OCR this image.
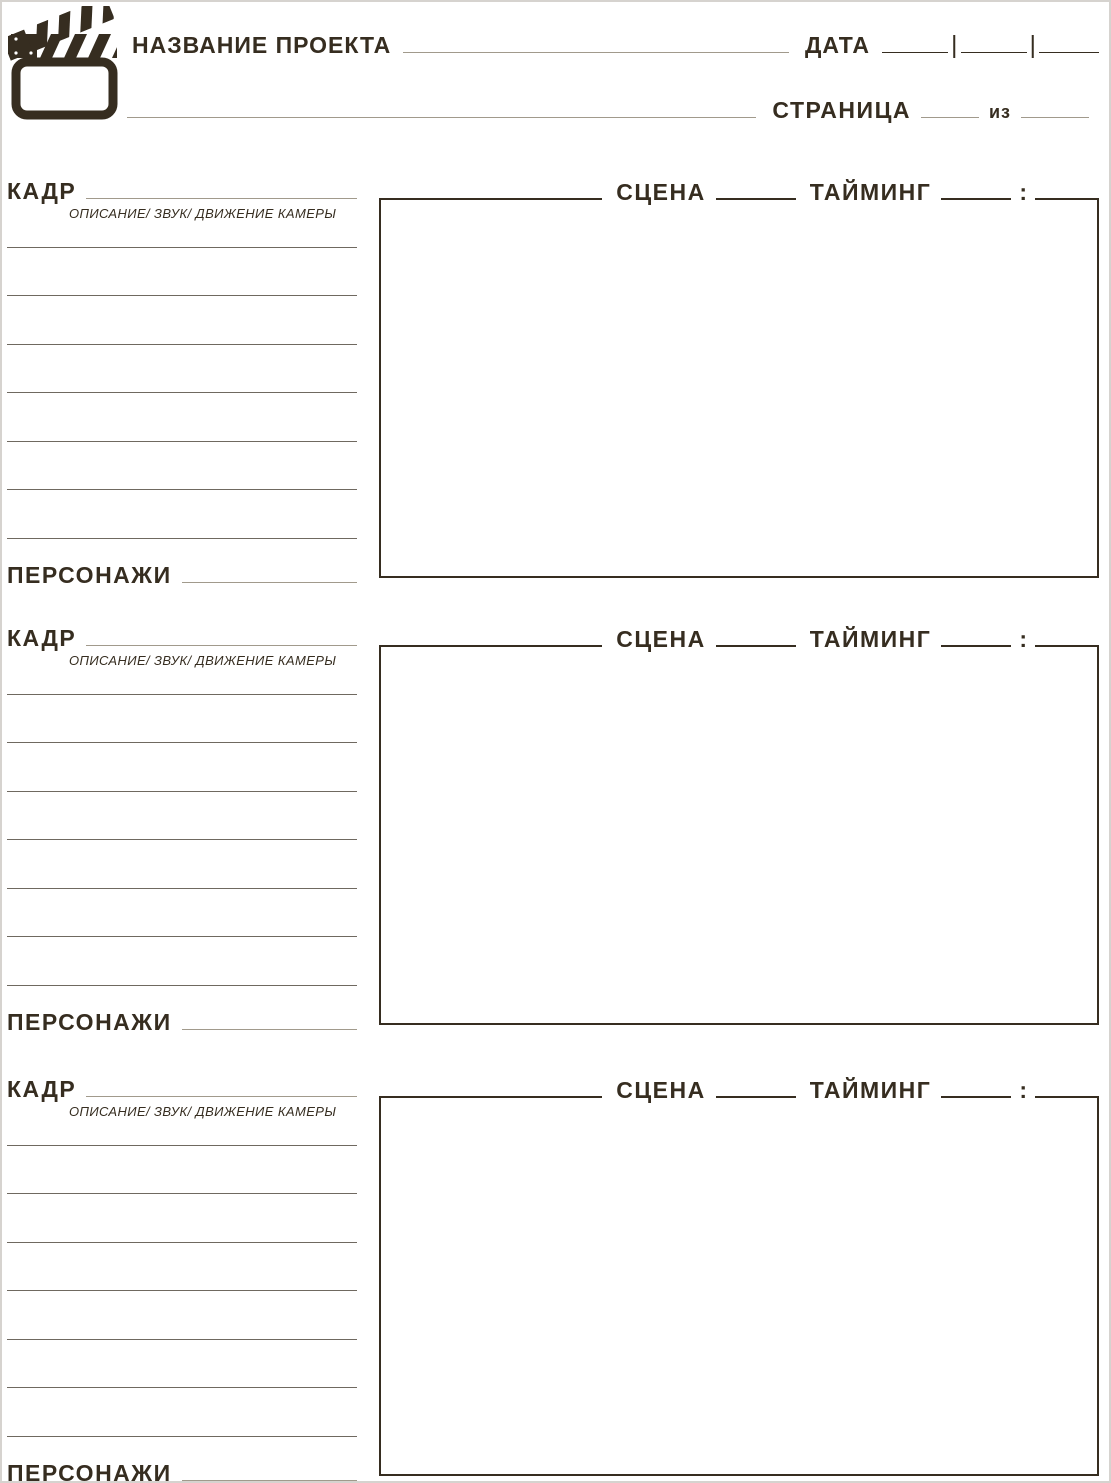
НАЗВАНИЕ ПРОЕКТА	ДАТА	|	|
СТРАНИЦА	из
КАДР
ОПИСАНИЕ/ ЗВУК/ ДВИЖЕНИЕ КАМЕРЫ
ПЕРСОНАЖИ
СЦЕНА	ТАЙМИНГ	:
КАДР
ОПИСАНИЕ/ ЗВУК/ ДВИЖЕНИЕ КАМЕРЫ
ПЕРСОНАЖИ
СЦЕНА	ТАЙМИНГ	:
КАДР
ОПИСАНИЕ/ ЗВУК/ ДВИЖЕНИЕ КАМЕРЫ
ПЕРСОНАЖИ
СЦЕНА	ТАЙМИНГ	:
